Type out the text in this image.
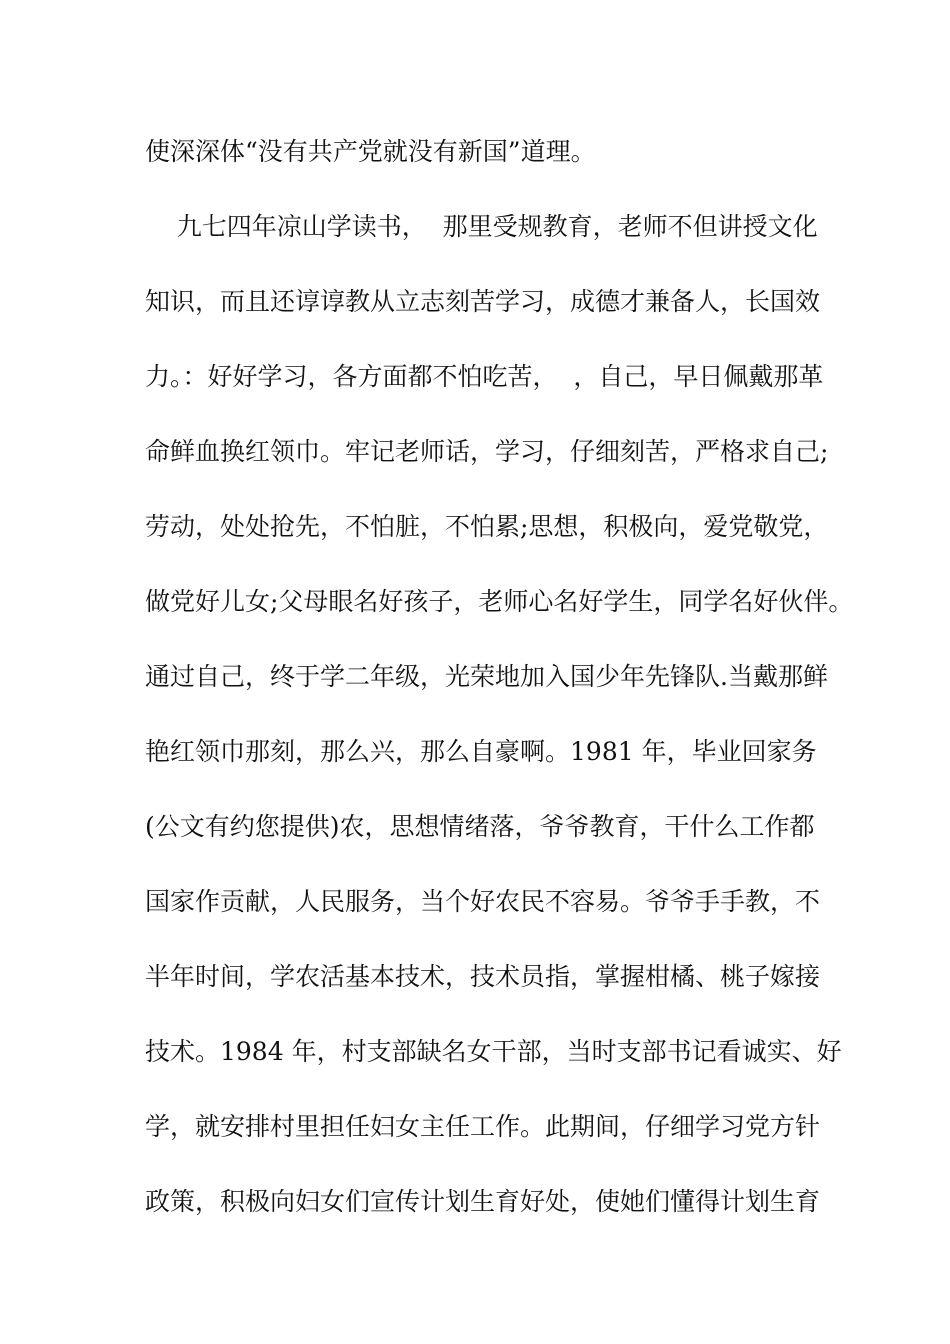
使深深体“没有共产党就没有新国”道理。

九七四年凉山学读书，  那里受规教育，老师不但讲授文化

知识，而且还谆谆教从立志刻苦学习，成德才兼备人，长国效

力。：好好学习，各方面都不怕吃苦，  ，自己，早日佩戴那革

命鲜血换红领巾。牢记老师话，学习，仔细刻苦，严格求自己;

劳动，处处抢先，不怕脏，不怕累;思想，积极向，爱党敬党，

做党好儿女;父母眼名好孩子，老师心名好学生，同学名好伙伴。

通过自己，终于学二年级，光荣地加入国少年先锋队.当戴那鲜

艳红领巾那刻，那么兴，那么自豪啊。1981 年，毕业回家务

(公文有约您提供)农，思想情绪落，爷爷教育，干什么工作都

国家作贡献，人民服务，当个好农民不容易。爷爷手手教，不

半年时间，学农活基本技术，技术员指，掌握柑橘、桃子嫁接

技术。1984 年，村支部缺名女干部，当时支部书记看诚实、好

学，就安排村里担任妇女主任工作。此期间，仔细学习党方针

政策，积极向妇女们宣传计划生育好处，使她们懂得计划生育
